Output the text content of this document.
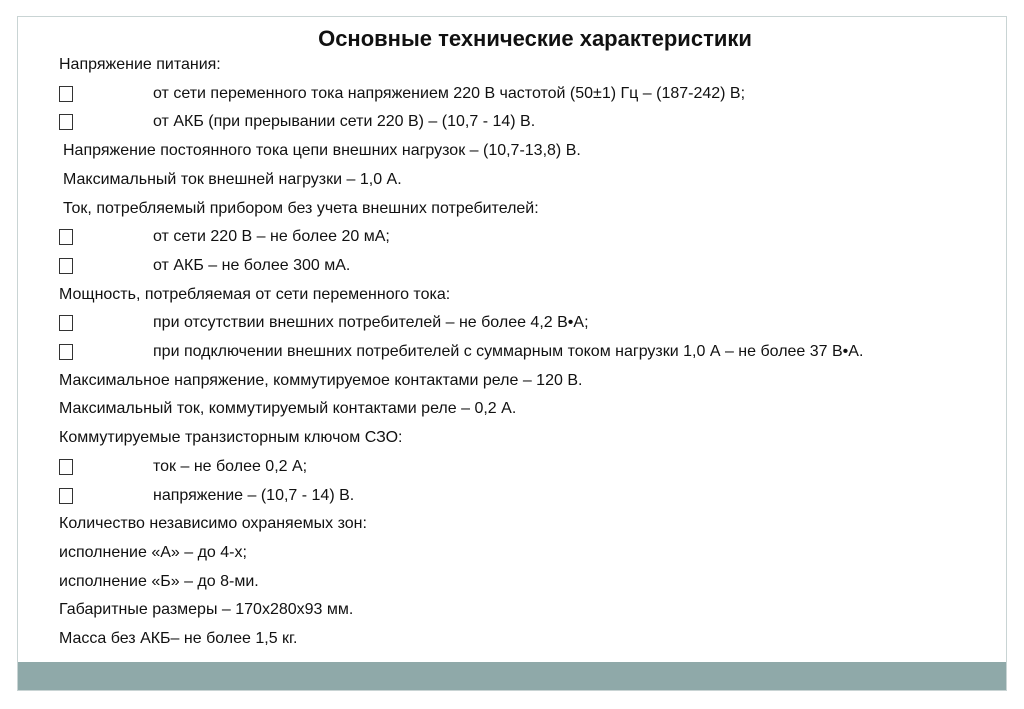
Основные технические характеристики
Напряжение питания:
от сети переменного тока напряжением 220 В частотой (50±1) Гц – (187-242) В;
от АКБ (при прерывании сети 220 В) – (10,7 - 14) В.
Напряжение постоянного тока цепи внешних нагрузок – (10,7-13,8) В.
Максимальный ток внешней нагрузки – 1,0 А.
Ток, потребляемый прибором без учета внешних потребителей:
от сети 220 В – не более 20 мА;
от АКБ – не более 300 мА.
Мощность, потребляемая от сети переменного тока:
при отсутствии внешних потребителей – не более 4,2 В•А;
при подключении внешних потребителей с суммарным током нагрузки 1,0 А – не более 37 В•А.
Максимальное напряжение, коммутируемое контактами реле – 120 В.
Максимальный ток, коммутируемый контактами реле – 0,2 А.
Коммутируемые транзисторным ключом СЗО:
ток – не более 0,2 А;
напряжение – (10,7 - 14) В.
Количество независимо охраняемых зон:
исполнение «А» – до 4-х;
исполнение «Б» – до 8-ми.
Габаритные размеры – 170х280х93 мм.
Масса без АКБ– не более 1,5 кг.
